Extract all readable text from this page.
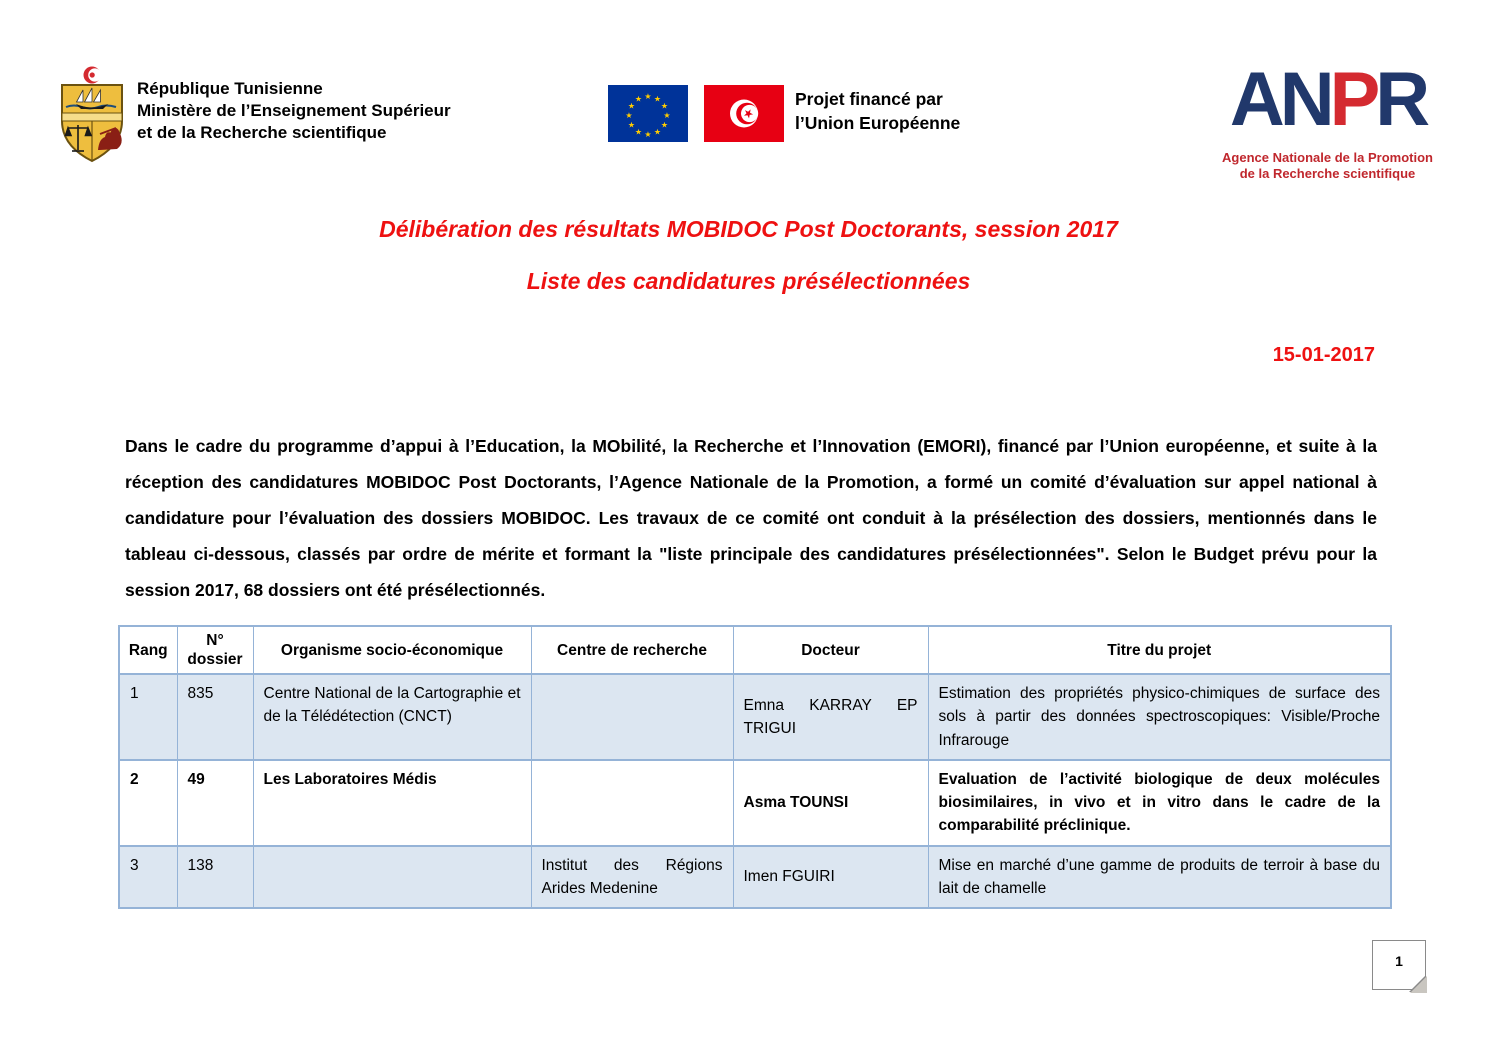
République Tunisienne
Ministère de l’Enseignement Supérieur
et de la Recherche scientifique
★ ★
★
★
★
★
★
★
★
★
★
★
★
Projet financé par
l’Union Européenne	ANPR
Agence Nationale de la Promotion
de la Recherche scientifique
Délibération des résultats MOBIDOC Post Doctorants, session 2017
Liste des candidatures présélectionnées
15-01-2017
Dans le cadre du programme d’appui à l’Education, la MObilité, la Recherche et l’Innovation (EMORI), financé par l’Union européenne, et suite à la réception des candidatures MOBIDOC Post Doctorants, l’Agence Nationale de la Promotion, a formé un comité d’évaluation sur appel national à candidature pour l’évaluation des dossiers MOBIDOC. Les travaux de ce comité ont conduit à la présélection des dossiers, mentionnés dans le tableau ci-dessous, classés par ordre de mérite et formant la "liste principale des candidatures présélectionnées". Selon le Budget prévu pour la session 2017, 68 dossiers ont été présélectionnés.
Rang	N° dossier	Organisme socio-économique	Centre de recherche	Docteur	Titre du projet
1	835	Centre National de la Cartographie et de la Télédétection (CNCT)		Emna KARRAY EP TRIGUI	Estimation des propriétés physico-chimiques de surface des sols à partir des données spectroscopiques: Visible/Proche Infrarouge
2	49	Les Laboratoires Médis		Asma TOUNSI	Evaluation de l’activité biologique de deux molécules biosimilaires, in vivo et in vitro dans le cadre de la comparabilité préclinique.
3	138		Institut des Régions Arides Medenine	Imen FGUIRI	Mise en marché d’une gamme de produits de terroir à base du lait de chamelle
1
